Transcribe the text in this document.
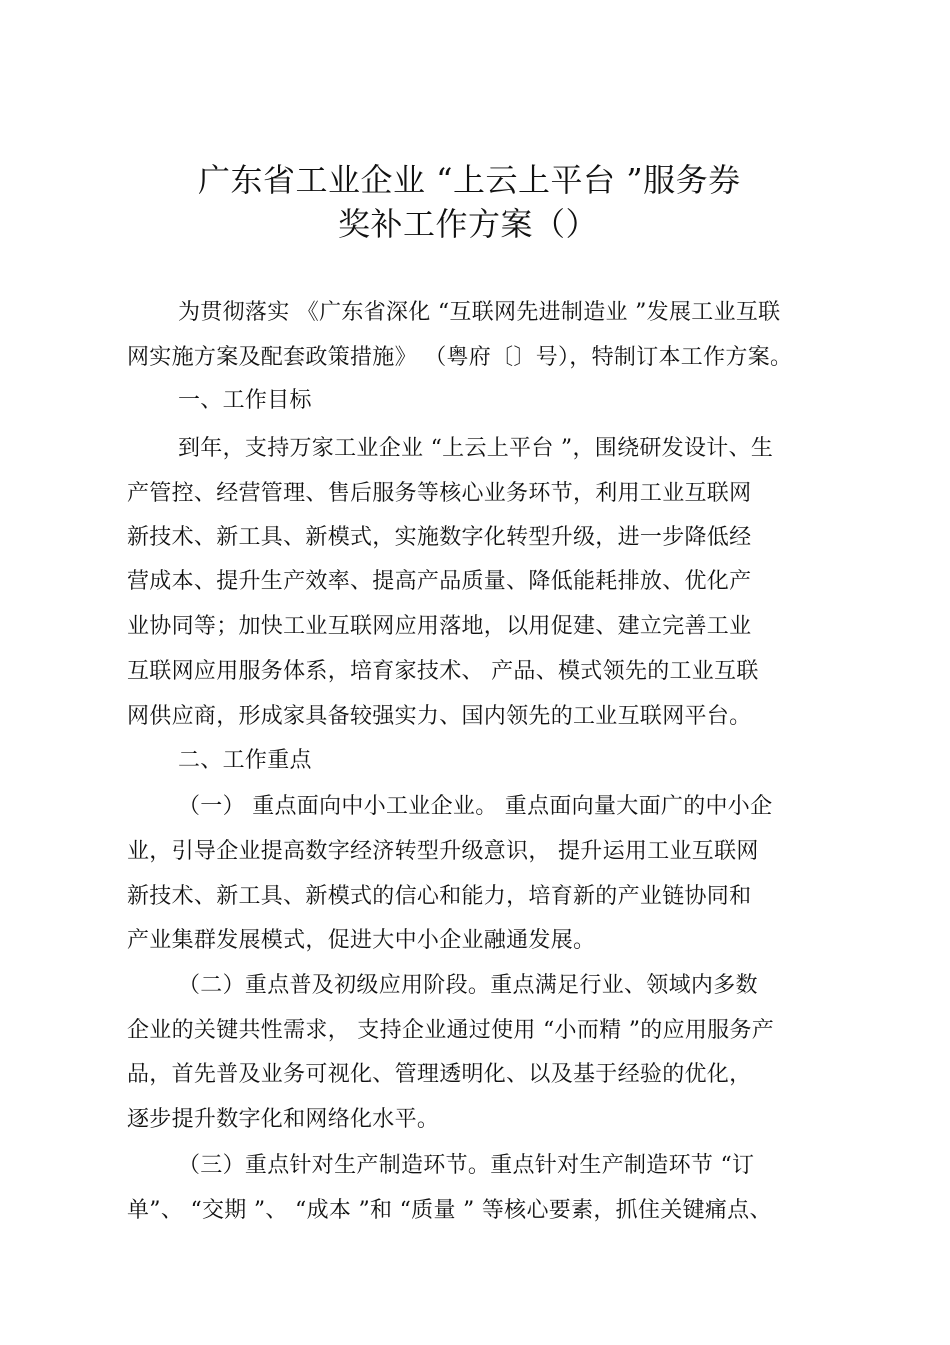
广东省工业企业 “上云上平台 ”服务券
奖补工作方案（）
为贯彻落实 《广东省深化 “互联网先进制造业 ”发展工业互联
网实施方案及配套政策措施》 （粤府〔〕号），特制订本工作方案。
一、工作目标
到年，支持万家工业企业 “上云上平台 ”，围绕研发设计、生
产管控、经营管理、售后服务等核心业务环节，利用工业互联网
新技术、新工具、新模式，实施数字化转型升级，进一步降低经
营成本、提升生产效率、提高产品质量、降低能耗排放、优化产
业协同等；加快工业互联网应用落地，以用促建、建立完善工业
互联网应用服务体系，培育家技术、 产品、模式领先的工业互联
网供应商，形成家具备较强实力、国内领先的工业互联网平台。
二、工作重点
（一） 重点面向中小工业企业。 重点面向量大面广的中小企
业，引导企业提高数字经济转型升级意识， 提升运用工业互联网
新技术、新工具、新模式的信心和能力，培育新的产业链协同和
产业集群发展模式，促进大中小企业融通发展。
（二）重点普及初级应用阶段。重点满足行业、领域内多数
企业的关键共性需求， 支持企业通过使用 “小而精 ”的应用服务产
品，首先普及业务可视化、管理透明化、以及基于经验的优化，
逐步提升数字化和网络化水平。
（三）重点针对生产制造环节。重点针对生产制造环节 “订
单”、 “交期 ”、 “成本 ”和 “质量 ” 等核心要素，抓住关键痛点、
